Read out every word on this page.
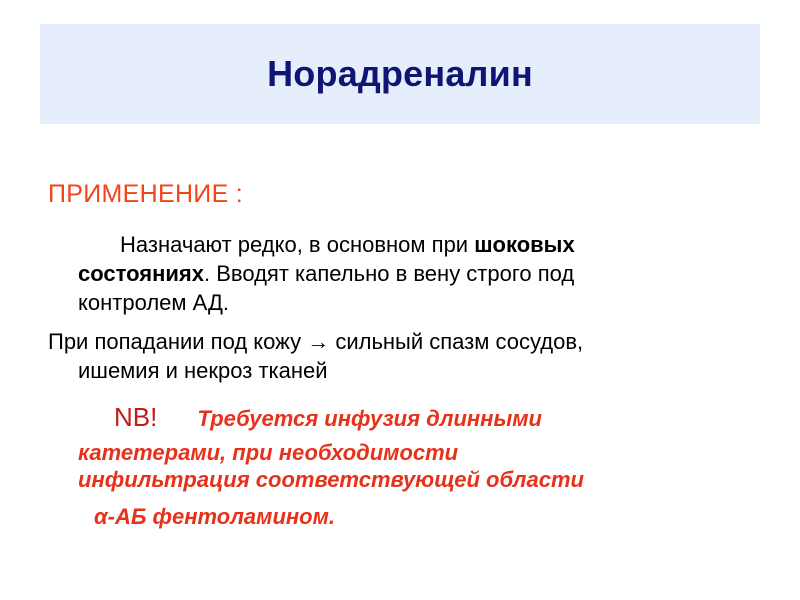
Норадреналин
ПРИМЕНЕНИЕ :
Назначают редко, в основном при шоковых
состояниях. Вводят капельно в вену строго под
контролем АД.
При попадании под кожу → сильный спазм сосудов,
ишемия и некроз тканей
NB! Требуется инфузия длинными
катетерами, при необходимости
инфильтрация соответствующей области
α-АБ фентоламином.
